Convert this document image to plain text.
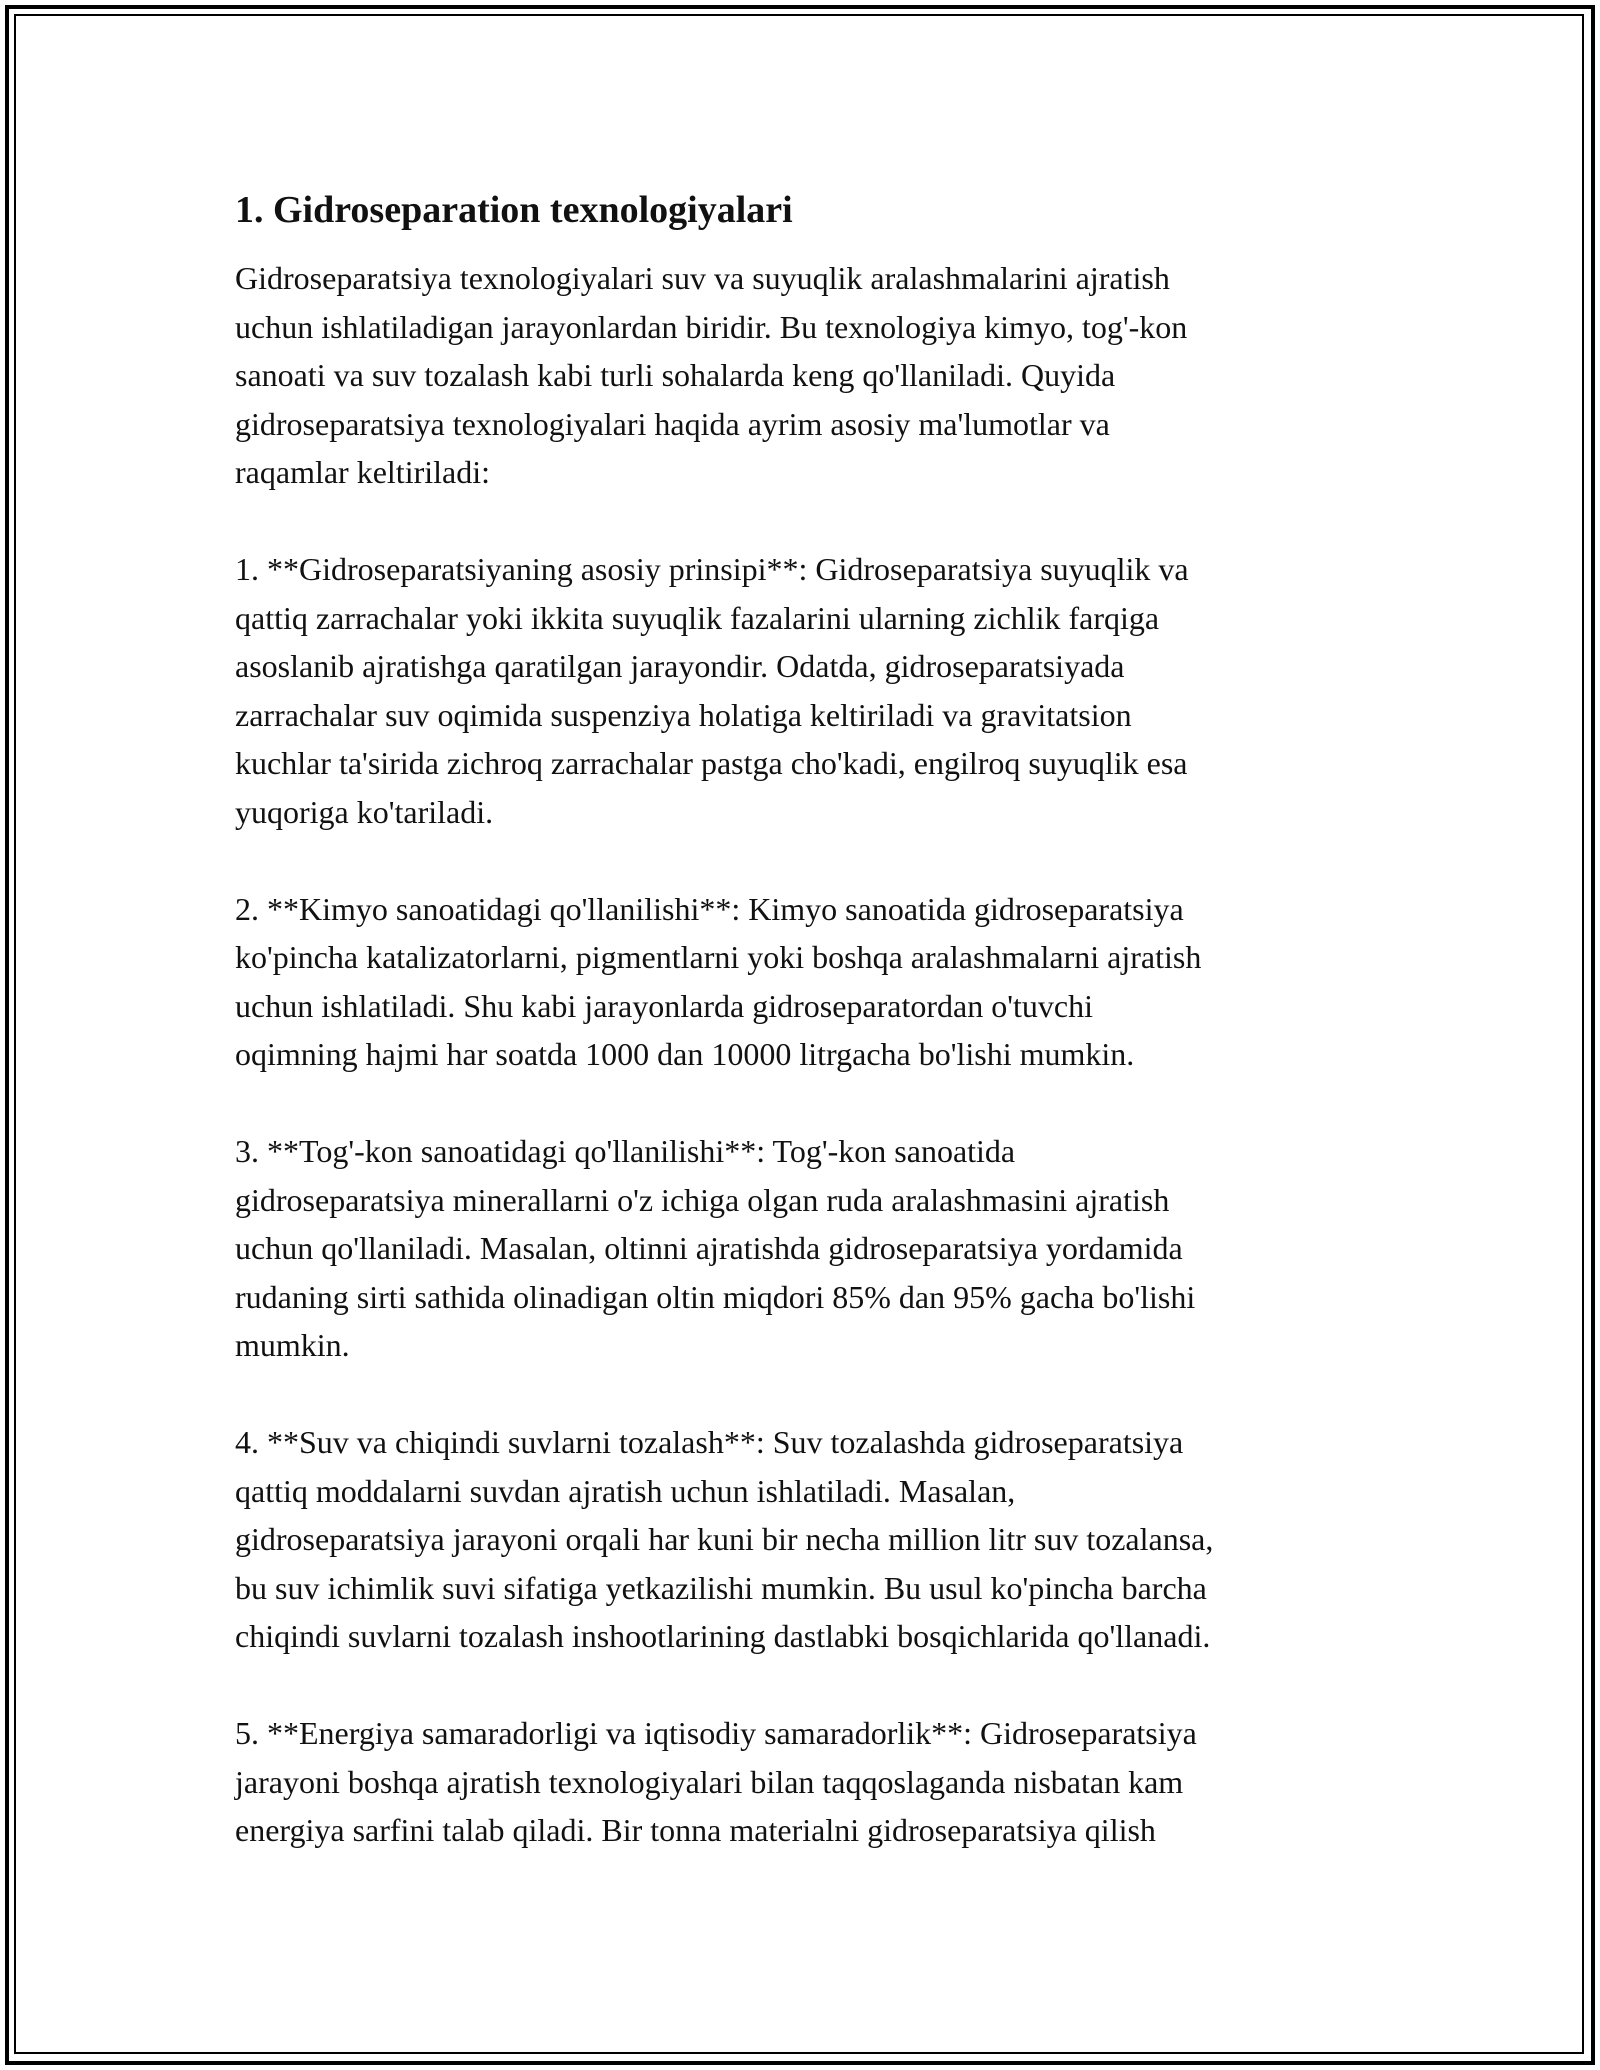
1. Gidroseparation texnologiyalari

Gidroseparatsiya texnologiyalari suv va suyuqlik aralashmalarini ajratish
uchun ishlatiladigan jarayonlardan biridir. Bu texnologiya kimyo, tog'-kon
sanoati va suv tozalash kabi turli sohalarda keng qo'llaniladi. Quyida
gidroseparatsiya texnologiyalari haqida ayrim asosiy ma'lumotlar va
raqamlar keltiriladi:

1. **Gidroseparatsiyaning asosiy prinsipi**: Gidroseparatsiya suyuqlik va
qattiq zarrachalar yoki ikkita suyuqlik fazalarini ularning zichlik farqiga
asoslanib ajratishga qaratilgan jarayondir. Odatda, gidroseparatsiyada
zarrachalar suv oqimida suspenziya holatiga keltiriladi va gravitatsion
kuchlar ta'sirida zichroq zarrachalar pastga cho'kadi, engilroq suyuqlik esa
yuqoriga ko'tariladi.

2. **Kimyo sanoatidagi qo'llanilishi**: Kimyo sanoatida gidroseparatsiya
ko'pincha katalizatorlarni, pigmentlarni yoki boshqa aralashmalarni ajratish
uchun ishlatiladi. Shu kabi jarayonlarda gidroseparatordan o'tuvchi
oqimning hajmi har soatda 1000 dan 10000 litrgacha bo'lishi mumkin.

3. **Tog'-kon sanoatidagi qo'llanilishi**: Tog'-kon sanoatida
gidroseparatsiya minerallarni o'z ichiga olgan ruda aralashmasini ajratish
uchun qo'llaniladi. Masalan, oltinni ajratishda gidroseparatsiya yordamida
rudaning sirti sathida olinadigan oltin miqdori 85% dan 95% gacha bo'lishi
mumkin.

4. **Suv va chiqindi suvlarni tozalash**: Suv tozalashda gidroseparatsiya
qattiq moddalarni suvdan ajratish uchun ishlatiladi. Masalan,
gidroseparatsiya jarayoni orqali har kuni bir necha million litr suv tozalansa,
bu suv ichimlik suvi sifatiga yetkazilishi mumkin. Bu usul ko'pincha barcha
chiqindi suvlarni tozalash inshootlarining dastlabki bosqichlarida qo'llanadi.

5. **Energiya samaradorligi va iqtisodiy samaradorlik**: Gidroseparatsiya
jarayoni boshqa ajratish texnologiyalari bilan taqqoslaganda nisbatan kam
energiya sarfini talab qiladi. Bir tonna materialni gidroseparatsiya qilish
